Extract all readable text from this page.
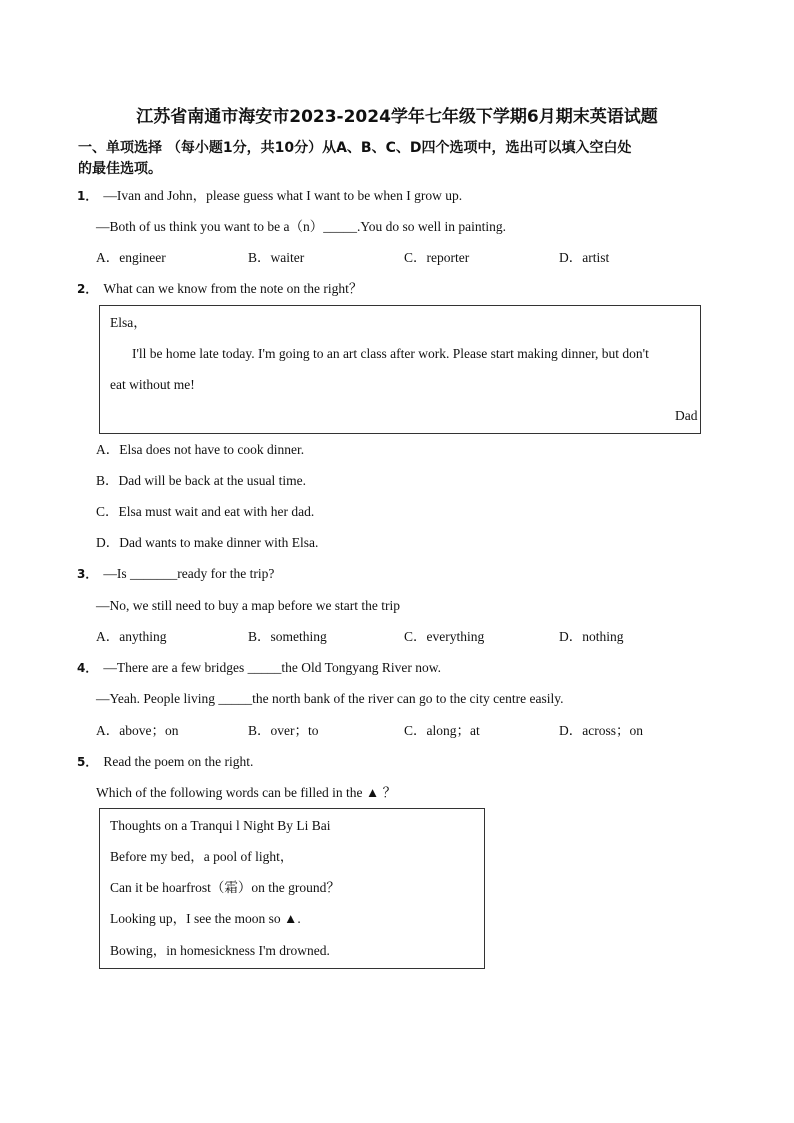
江苏省南通市海安市2023-2024学年七年级下学期6月期末英语试题
一、单项选择 （每小题1分，共10分）从A、B、C、D四个选项中，选出可以填入空白处
的最佳选项。
1． —Ivan and John，please guess what I want to be when I grow up.
—Both of us think you want to be a（n）_____.You do so well in painting.
A．engineer	B．waiter	C．reporter	D．artist
2． What can we know from the note on the right？
Elsa，
I'll be home late today. I'm going to an art class after work. Please start making dinner, but don't
eat without me!
Dad
A．Elsa does not have to cook dinner.
B．Dad will be back at the usual time.
C．Elsa must wait and eat with her dad.
D．Dad wants to make dinner with Elsa.
3． —Is _______ready for the trip?
—No, we still need to buy a map before we start the trip
A．anything	B．something	C．everything	D．nothing
4． —There are a few bridges _____the Old Tongyang River now.
—Yeah. People living _____the north bank of the river can go to the city centre easily.
A．above；on	B．over；to	C．along；at	D．across；on
5． Read the poem on the right.
Which of the following words can be filled in the ▲ ？
Thoughts on a Tranqui l Night By Li Bai
Before my bed，a pool of light，
Can it be hoarfrost（霜）on the ground？
Looking up，I see the moon so ▲.
Bowing，in homesickness I'm drowned.
